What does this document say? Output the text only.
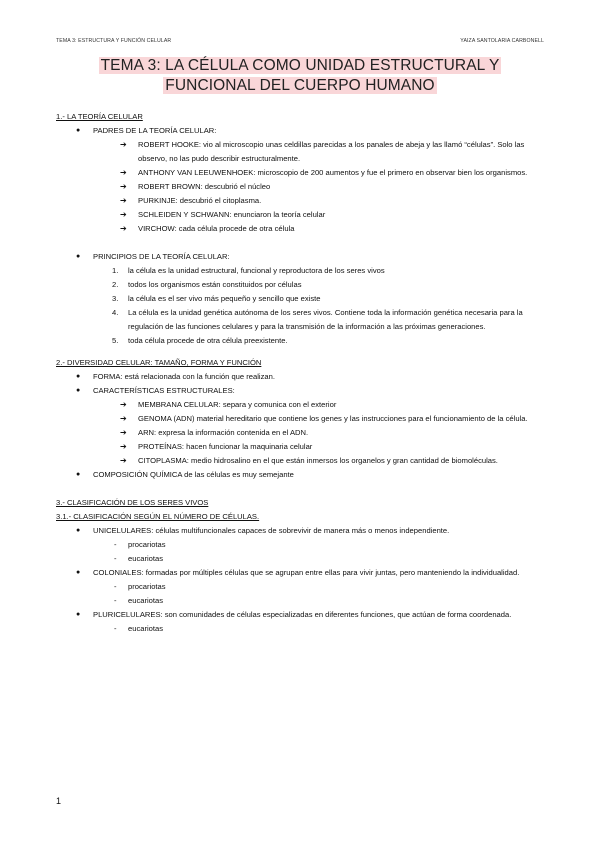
TEMA 3: ESTRUCTURA Y FUNCIÓN CELULAR	YAIZA SANTOLARIA CARBONELL
TEMA 3: LA CÉLULA COMO UNIDAD ESTRUCTURAL Y
FUNCIONAL DEL CUERPO HUMANO
1.- LA TEORÍA CELULAR
● PADRES DE LA TEORÍA CELULAR:
➔ ROBERT HOOKE: vio al microscopio unas celdillas parecidas a los panales de abeja y las llamó “células”. Solo las observo, no las pudo describir estructuralmente.
➔ ANTHONY VAN LEEUWENHOEK: microscopio de 200 aumentos y fue el primero en observar bien los organismos.
➔ ROBERT BROWN: descubrió el núcleo
➔ PURKINJE: descubrió el citoplasma.
➔ SCHLEIDEN Y SCHWANN: enunciaron la teoría celular
➔ VIRCHOW: cada célula procede de otra célula
● PRINCIPIOS DE LA TEORÍA CELULAR:
1. la célula es la unidad estructural, funcional y reproductora de los seres vivos
2. todos los organismos están constituidos por células
3. la célula es el ser vivo más pequeño y sencillo que existe
4. La célula es la unidad genética autónoma de los seres vivos. Contiene toda la información genética necesaria para la regulación de las funciones celulares y para la transmisión de la información a las próximas generaciones.
5. toda célula procede de otra célula preexistente.
2.- DIVERSIDAD CELULAR: TAMAÑO, FORMA Y FUNCIÓN
● FORMA: está relacionada con la función que realizan.
● CARACTERÍSTICAS ESTRUCTURALES:
➔ MEMBRANA CELULAR: separa y comunica con el exterior
➔ GENOMA (ADN) material hereditario que contiene los genes y las instrucciones para el funcionamiento de la célula.
➔ ARN: expresa la información contenida en el ADN.
➔ PROTEÍNAS: hacen funcionar la maquinaria celular
➔ CITOPLASMA: medio hidrosalino en el que están inmersos los organelos y gran cantidad de biomoléculas.
● COMPOSICIÓN QUÍMICA de las células es muy semejante
3.- CLASIFICACIÓN DE LOS SERES VIVOS
3.1.- CLASIFICACIÓN SEGÚN EL NÚMERO DE CÉLULAS.
● UNICELULARES: células multifuncionales capaces de sobrevivir de manera más o menos independiente.
- procariotas
- eucariotas
● COLONIALES: formadas por múltiples células que se agrupan entre ellas para vivir juntas, pero manteniendo la individualidad.
- procariotas
- eucariotas
● PLURICELULARES: son comunidades de células especializadas en diferentes funciones, que actúan de forma coordenada.
- eucariotas
1
